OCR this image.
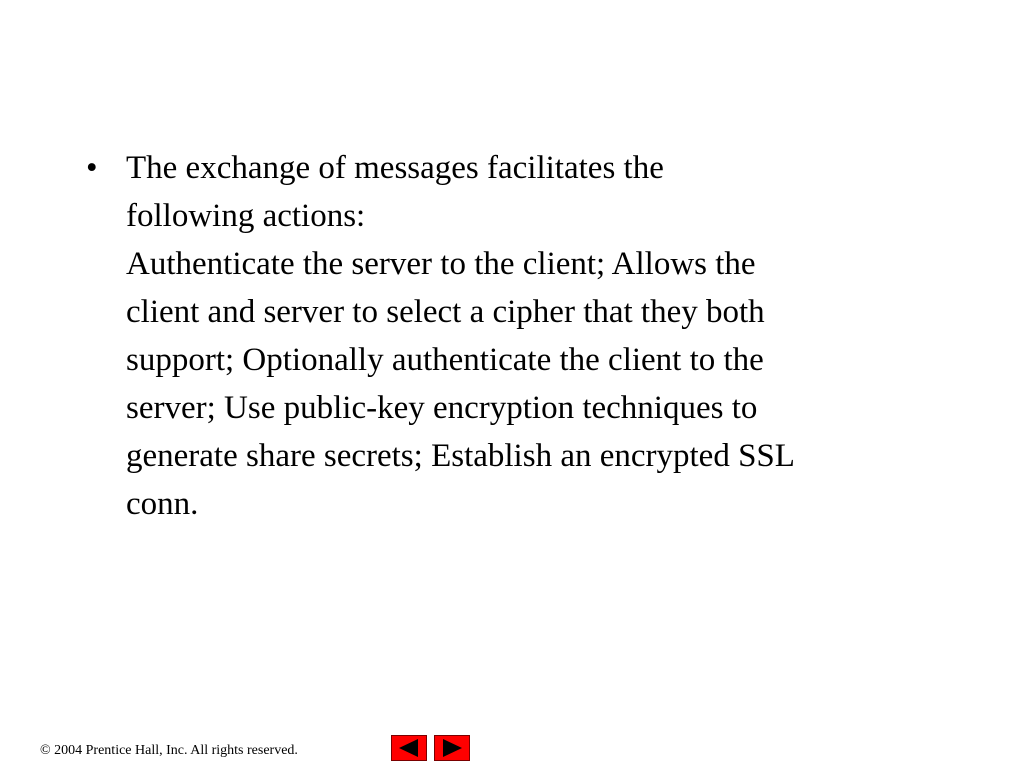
• The exchange of messages facilitates the
following actions:
Authenticate the server to the client; Allows the
client and server to select a cipher that they both
support; Optionally authenticate the client to the
server; Use public-key encryption techniques to
generate share secrets; Establish an encrypted SSL
conn.
© 2004 Prentice Hall, Inc. All rights reserved.
